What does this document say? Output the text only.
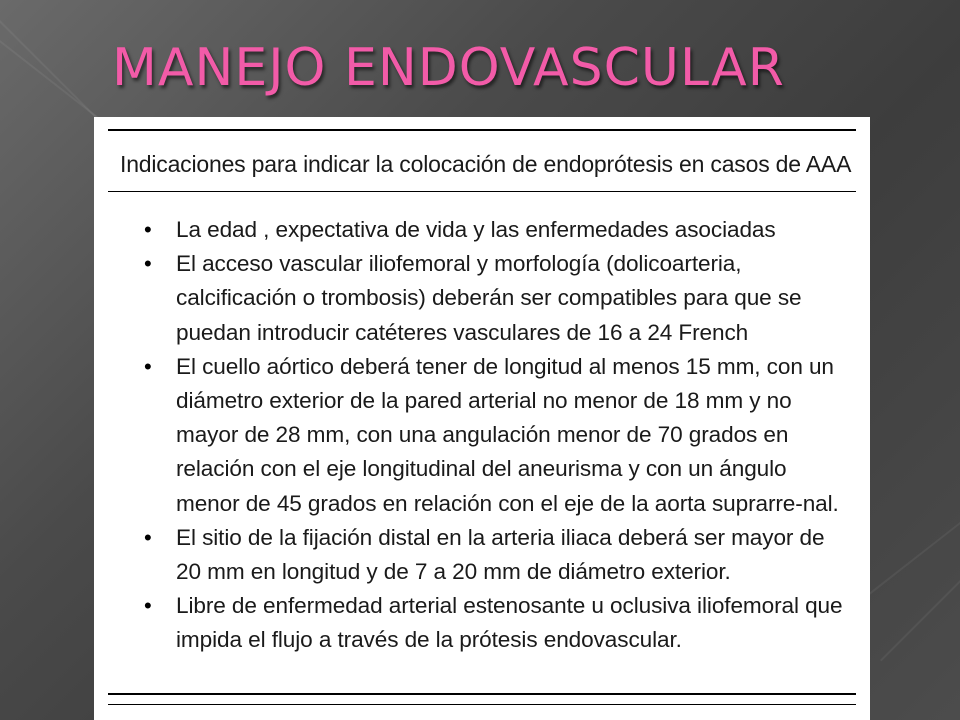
MANEJO ENDOVASCULAR
Indicaciones para indicar la colocación de endoprótesis en casos de AAA
• La edad , expectativa de vida y las enfermedades asociadas
• El acceso vascular iliofemoral y morfología (dolicoarteria, calcificación o trombosis) deberán ser compatibles para que se puedan introducir catéteres vasculares de 16 a 24 French
• El cuello aórtico deberá tener de longitud al menos 15 mm, con un diámetro exterior de la pared arterial no menor de 18 mm y no mayor de 28 mm, con una angulación menor de 70 grados en relación con el eje longitudinal del aneurisma y con un ángulo menor de 45 grados en relación con el eje de la aorta suprarre-nal.
• El sitio de la fijación distal en la arteria iliaca deberá ser mayor de 20 mm en longitud y de 7 a 20 mm de diámetro exterior.
• Libre de enfermedad arterial estenosante u oclusiva iliofemoral que impida el flujo a través de la prótesis endovascular.
